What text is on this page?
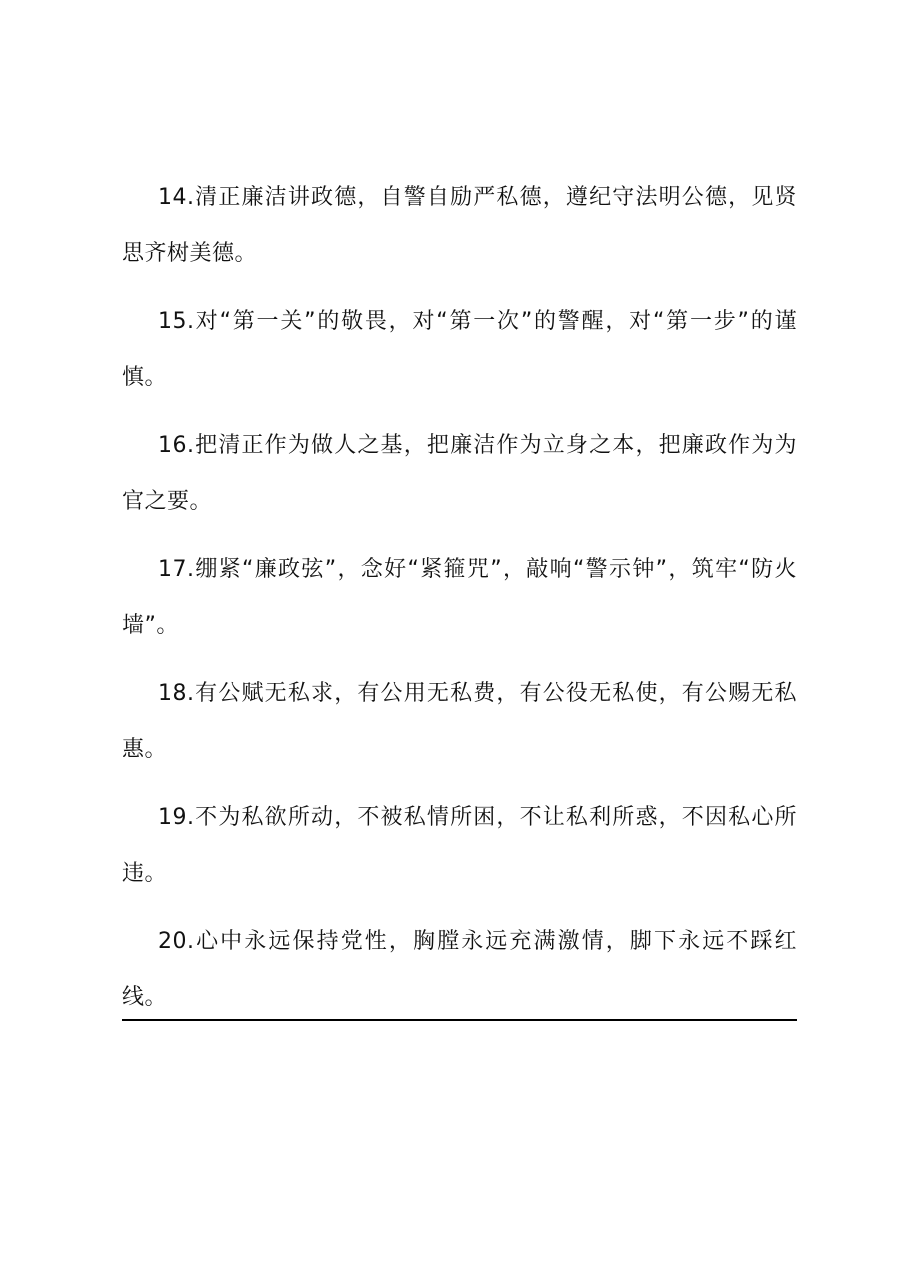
14.清正廉洁讲政德，自警自励严私德，遵纪守法明公德，见贤思齐树美德。

15.对“第一关”的敬畏，对“第一次”的警醒，对“第一步”的谨慎。

16.把清正作为做人之基，把廉洁作为立身之本，把廉政作为为官之要。

17.绷紧“廉政弦”，念好“紧箍咒”，敲响“警示钟”，筑牢“防火墙”。

18.有公赋无私求，有公用无私费，有公役无私使，有公赐无私惠。

19.不为私欲所动，不被私情所困，不让私利所惑，不因私心所违。

20.心中永远保持党性，胸膛永远充满激情，脚下永远不踩红线。
